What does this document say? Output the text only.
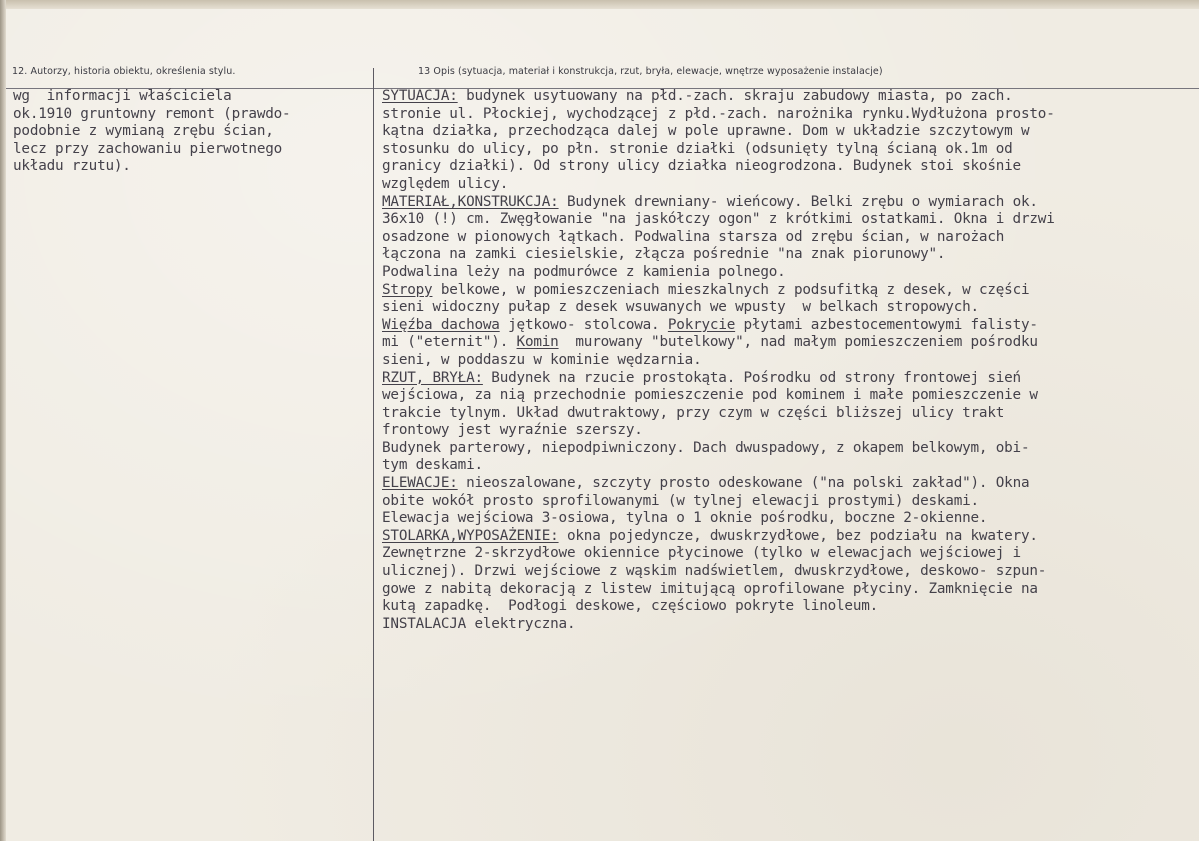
12. Autorzy, historia obiektu, określenia stylu.	13 Opis (sytuacja, materiał i konstrukcja, rzut, bryła, elewacje, wnętrze wyposażenie instalacje)
wg  informacji właściciela
ok.1910 gruntowny remont (prawdo-
podobnie z wymianą zrębu ścian,
lecz przy zachowaniu pierwotnego
układu rzutu).
SYTUACJA: budynek usytuowany na płd.-zach. skraju zabudowy miasta, po zach.
stronie ul. Płockiej, wychodzącej z płd.-zach. narożnika rynku.Wydłużona prosto-
kątna działka, przechodząca dalej w pole uprawne. Dom w układzie szczytowym w
stosunku do ulicy, po płn. stronie działki (odsunięty tylną ścianą ok.1m od
granicy działki). Od strony ulicy działka nieogrodzona. Budynek stoi skośnie
względem ulicy.
MATERIAŁ,KONSTRUKCJA: Budynek drewniany- wieńcowy. Belki zrębu o wymiarach ok.
36x10 (!) cm. Zwęgłowanie "na jaskółczy ogon" z krótkimi ostatkami. Okna i drzwi
osadzone w pionowych łątkach. Podwalina starsza od zrębu ścian, w narożach
łączona na zamki ciesielskie, złącza pośrednie "na znak piorunowy".
Podwalina leży na podmurówce z kamienia polnego.
Stropy belkowe, w pomieszczeniach mieszkalnych z podsufitką z desek, w części
sieni widoczny pułap z desek wsuwanych we wpusty  w belkach stropowych.
Więźba dachowa jętkowo- stolcowa. Pokrycie płytami azbestocementowymi falisty-
mi ("eternit"). Komin  murowany "butelkowy", nad małym pomieszczeniem pośrodku
sieni, w poddaszu w kominie wędzarnia.
RZUT, BRYŁA: Budynek na rzucie prostokąta. Pośrodku od strony frontowej sień
wejściowa, za nią przechodnie pomieszczenie pod kominem i małe pomieszczenie w
trakcie tylnym. Układ dwutraktowy, przy czym w części bliższej ulicy trakt
frontowy jest wyraźnie szerszy.
Budynek parterowy, niepodpiwniczony. Dach dwuspadowy, z okapem belkowym, obi-
tym deskami.
ELEWACJE: nieoszalowane, szczyty prosto odeskowane ("na polski zakład"). Okna
obite wokół prosto sprofilowanymi (w tylnej elewacji prostymi) deskami.
Elewacja wejściowa 3-osiowa, tylna o 1 oknie pośrodku, boczne 2-okienne.
STOLARKA,WYPOSAŻENIE: okna pojedyncze, dwuskrzydłowe, bez podziału na kwatery.
Zewnętrzne 2-skrzydłowe okiennice płycinowe (tylko w elewacjach wejściowej i
ulicznej). Drzwi wejściowe z wąskim nadświetlem, dwuskrzydłowe, deskowo- szpun-
gowe z nabitą dekoracją z listew imitującą oprofilowane płyciny. Zamknięcie na
kutą zapadkę.  Podłogi deskowe, częściowo pokryte linoleum.
INSTALACJA elektryczna.
